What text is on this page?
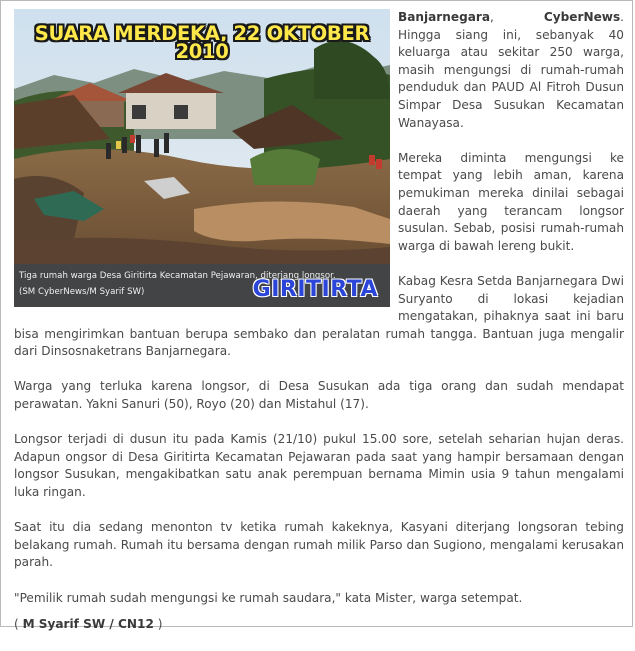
SUARA MERDEKA, 22 OKTOBER 2010
Tiga rumah warga Desa Giritirta Kecamatan Pejawaran, diterjang longsor.
(SM CyberNews/M Syarif SW)	GIRITIRTA

Banjarnegara, CyberNews. Hingga siang ini, sebanyak 40 keluarga atau sekitar 250 warga, masih mengungsi di rumah-rumah penduduk dan PAUD Al Fitroh Dusun Simpar Desa Susukan Kecamatan Wanayasa.

Mereka diminta mengungsi ke tempat yang lebih aman, karena pemukiman mereka dinilai sebagai daerah yang terancam longsor susulan. Sebab, posisi rumah-rumah warga di bawah lereng bukit.

Kabag Kesra Setda Banjarnegara Dwi Suryanto di lokasi kejadian mengatakan, pihaknya saat ini baru bisa mengirimkan bantuan berupa sembako dan peralatan rumah tangga. Bantuan juga mengalir dari Dinsosnaketrans Banjarnegara.

Warga yang terluka karena longsor, di Desa Susukan ada tiga orang dan sudah mendapat perawatan. Yakni Sanuri (50), Royo (20) dan Mistahul (17).

Longsor terjadi di dusun itu pada Kamis (21/10) pukul 15.00 sore, setelah seharian hujan deras. Adapun ongsor di Desa Giritirta Kecamatan Pejawaran pada saat yang hampir bersamaan dengan longsor Susukan, mengakibatkan satu anak perempuan bernama Mimin usia 9 tahun mengalami luka ringan.

Saat itu dia sedang menonton tv ketika rumah kakeknya, Kasyani diterjang longsoran tebing belakang rumah. Rumah itu bersama dengan rumah milik Parso dan Sugiono, mengalami kerusakan parah.

"Pemilik rumah sudah mengungsi ke rumah saudara," kata Mister, warga setempat.

( M Syarif SW / CN12 )
